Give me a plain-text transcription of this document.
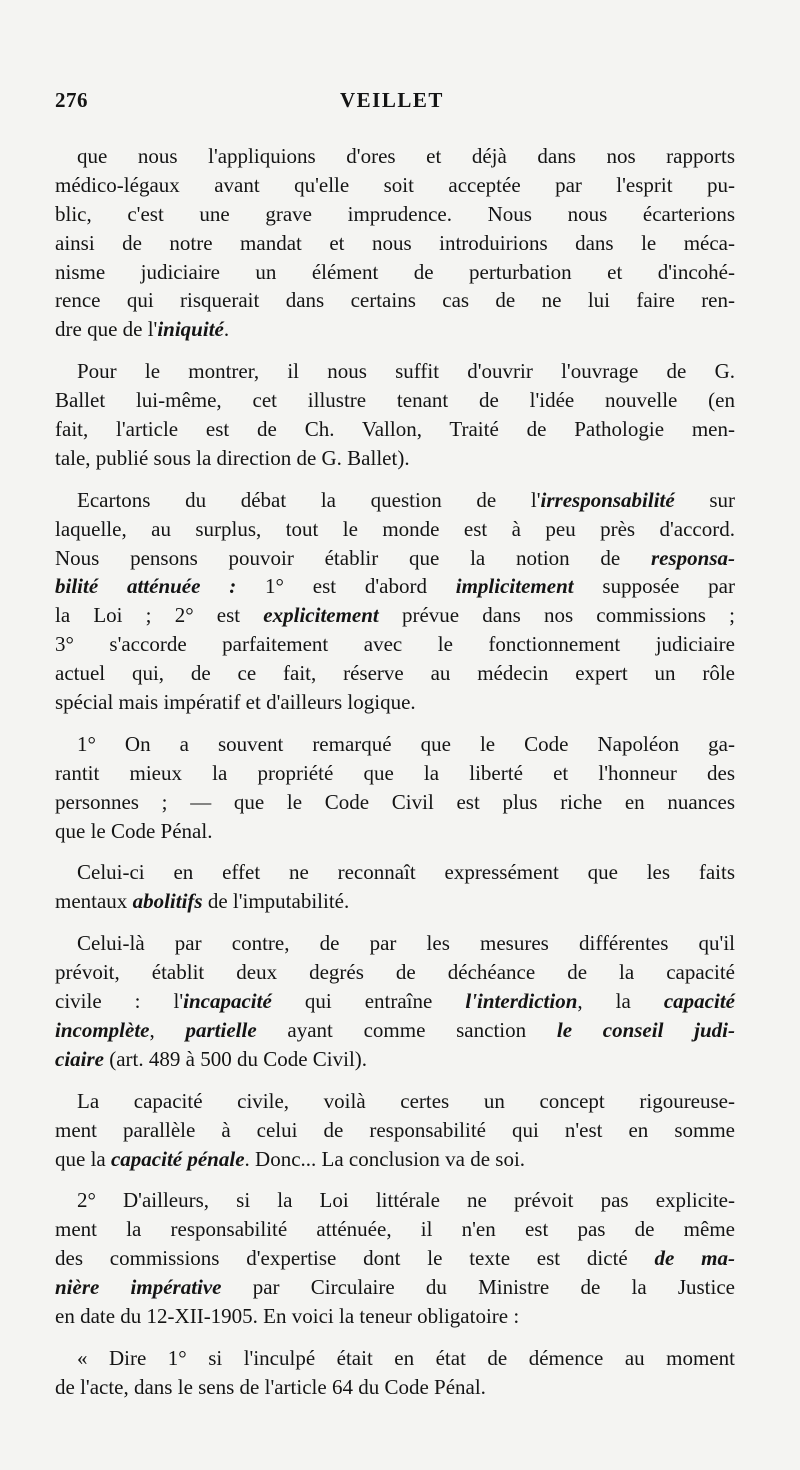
276	VEILLET
que nous l'appliquions d'ores et déjà dans nos rapports
médico-légaux avant qu'elle soit acceptée par l'esprit pu-
blic, c'est une grave imprudence. Nous nous écarterions
ainsi de notre mandat et nous introduirions dans le méca-
nisme judiciaire un élément de perturbation et d'incohé-
rence qui risquerait dans certains cas de ne lui faire ren-
dre que de l'iniquité.
Pour le montrer, il nous suffit d'ouvrir l'ouvrage de G.
Ballet lui-même, cet illustre tenant de l'idée nouvelle (en
fait, l'article est de Ch. Vallon, Traité de Pathologie men-
tale, publié sous la direction de G. Ballet).
Ecartons du débat la question de l'irresponsabilité sur
laquelle, au surplus, tout le monde est à peu près d'accord.
Nous pensons pouvoir établir que la notion de responsa-
bilité atténuée : 1° est d'abord implicitement supposée par
la Loi ; 2° est explicitement prévue dans nos commissions ;
3° s'accorde parfaitement avec le fonctionnement judiciaire
actuel qui, de ce fait, réserve au médecin expert un rôle
spécial mais impératif et d'ailleurs logique.
1° On a souvent remarqué que le Code Napoléon ga-
rantit mieux la propriété que la liberté et l'honneur des
personnes ; — que le Code Civil est plus riche en nuances
que le Code Pénal.
Celui-ci en effet ne reconnaît expressément que les faits
mentaux abolitifs de l'imputabilité.
Celui-là par contre, de par les mesures différentes qu'il
prévoit, établit deux degrés de déchéance de la capacité
civile : l'incapacité qui entraîne l'interdiction, la capacité
incomplète, partielle ayant comme sanction le conseil judi-
ciaire (art. 489 à 500 du Code Civil).
La capacité civile, voilà certes un concept rigoureuse-
ment parallèle à celui de responsabilité qui n'est en somme
que la capacité pénale. Donc... La conclusion va de soi.
2° D'ailleurs, si la Loi littérale ne prévoit pas explicite-
ment la responsabilité atténuée, il n'en est pas de même
des commissions d'expertise dont le texte est dicté de ma-
nière impérative par Circulaire du Ministre de la Justice
en date du 12-XII-1905. En voici la teneur obligatoire :
« Dire 1° si l'inculpé était en état de démence au moment
de l'acte, dans le sens de l'article 64 du Code Pénal.
